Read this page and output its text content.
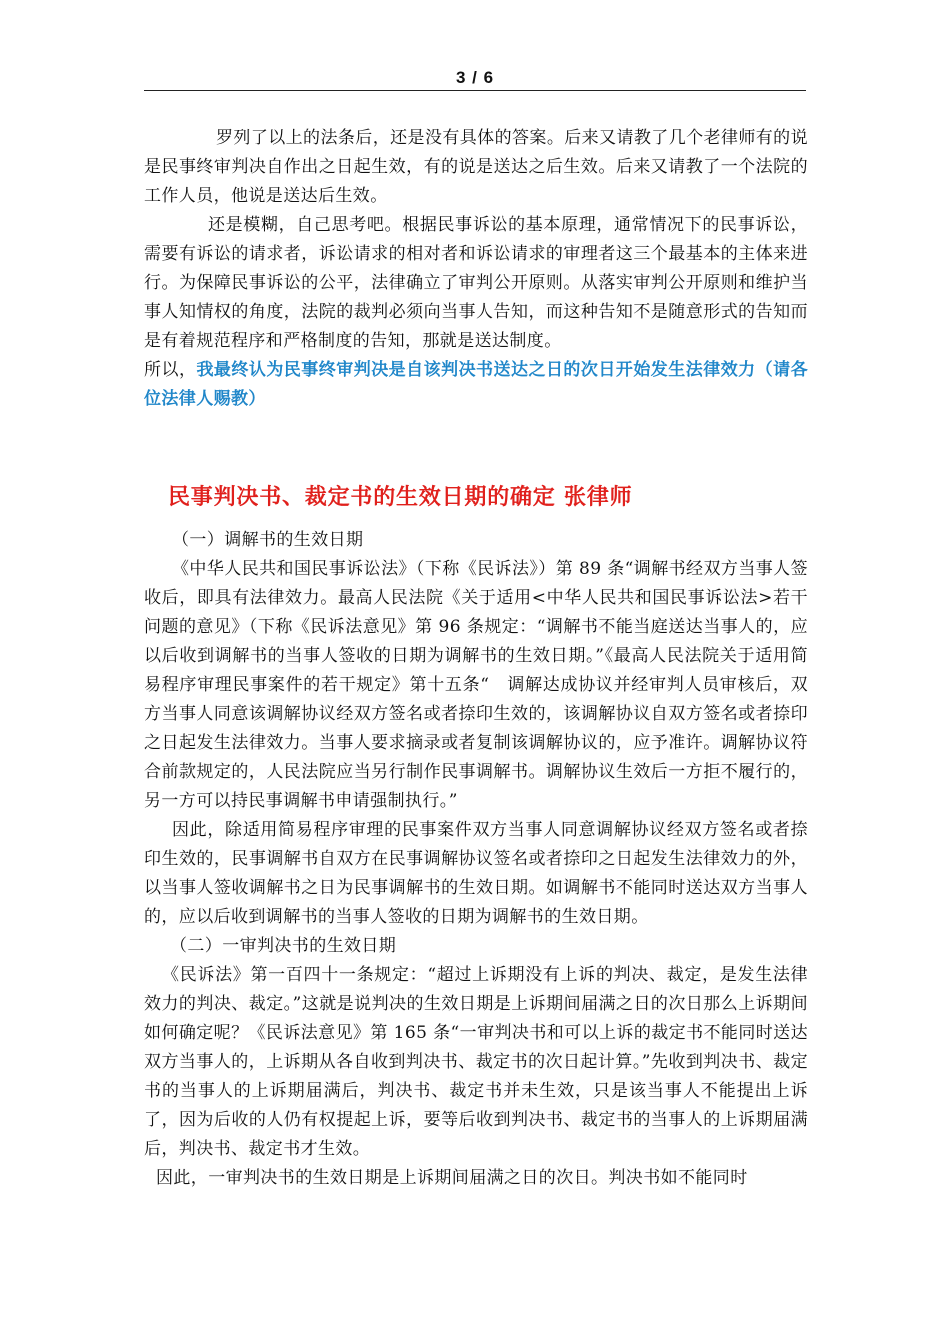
3 / 6

罗列了以上的法条后，还是没有具体的答案。后来又请教了几个老律师有的说是民事终审判决自作出之日起生效，有的说是送达之后生效。后来又请教了一个法院的工作人员，他说是送达后生效。

还是模糊，自己思考吧。根据民事诉讼的基本原理，通常情况下的民事诉讼，需要有诉讼的请求者，诉讼请求的相对者和诉讼请求的审理者这三个最基本的主体来进行。为保障民事诉讼的公平，法律确立了审判公开原则。从落实审判公开原则和维护当事人知情权的角度，法院的裁判必须向当事人告知，而这种告知不是随意形式的告知而是有着规范程序和严格制度的告知，那就是送达制度。

所以，我最终认为民事终审判决是自该判决书送达之日的次日开始发生法律效力（请各位法律人赐教）

民事判决书、裁定书的生效日期的确定 张律师

（一）调解书的生效日期

《中华人民共和国民事诉讼法》（下称《民诉法》）第 89 条“调解书经双方当事人签收后，即具有法律效力。最高人民法院《关于适用<中华人民共和国民事诉讼法>若干问题的意见》（下称《民诉法意见》第 96 条规定：“调解书不能当庭送达当事人的，应以后收到调解书的当事人签收的日期为调解书的生效日期。”《最高人民法院关于适用简易程序审理民事案件的若干规定》第十五条“　调解达成协议并经审判人员审核后，双方当事人同意该调解协议经双方签名或者捺印生效的，该调解协议自双方签名或者捺印之日起发生法律效力。当事人要求摘录或者复制该调解协议的，应予准许。调解协议符合前款规定的，人民法院应当另行制作民事调解书。调解协议生效后一方拒不履行的，另一方可以持民事调解书申请强制执行。”

因此，除适用简易程序审理的民事案件双方当事人同意调解协议经双方签名或者捺印生效的，民事调解书自双方在民事调解协议签名或者捺印之日起发生法律效力的外，以当事人签收调解书之日为民事调解书的生效日期。如调解书不能同时送达双方当事人的，应以后收到调解书的当事人签收的日期为调解书的生效日期。

（二）一审判决书的生效日期

《民诉法》第一百四十一条规定：“超过上诉期没有上诉的判决、裁定，是发生法律效力的判决、裁定。”这就是说判决的生效日期是上诉期间届满之日的次日那么上诉期间如何确定呢？《民诉法意见》第 165 条“一审判决书和可以上诉的裁定书不能同时送达双方当事人的，上诉期从各自收到判决书、裁定书的次日起计算。”先收到判决书、裁定书的当事人的上诉期届满后，判决书、裁定书并未生效，只是该当事人不能提出上诉了，因为后收的人仍有权提起上诉，要等后收到判决书、裁定书的当事人的上诉期届满后，判决书、裁定书才生效。

因此，一审判决书的生效日期是上诉期间届满之日的次日。判决书如不能同时
